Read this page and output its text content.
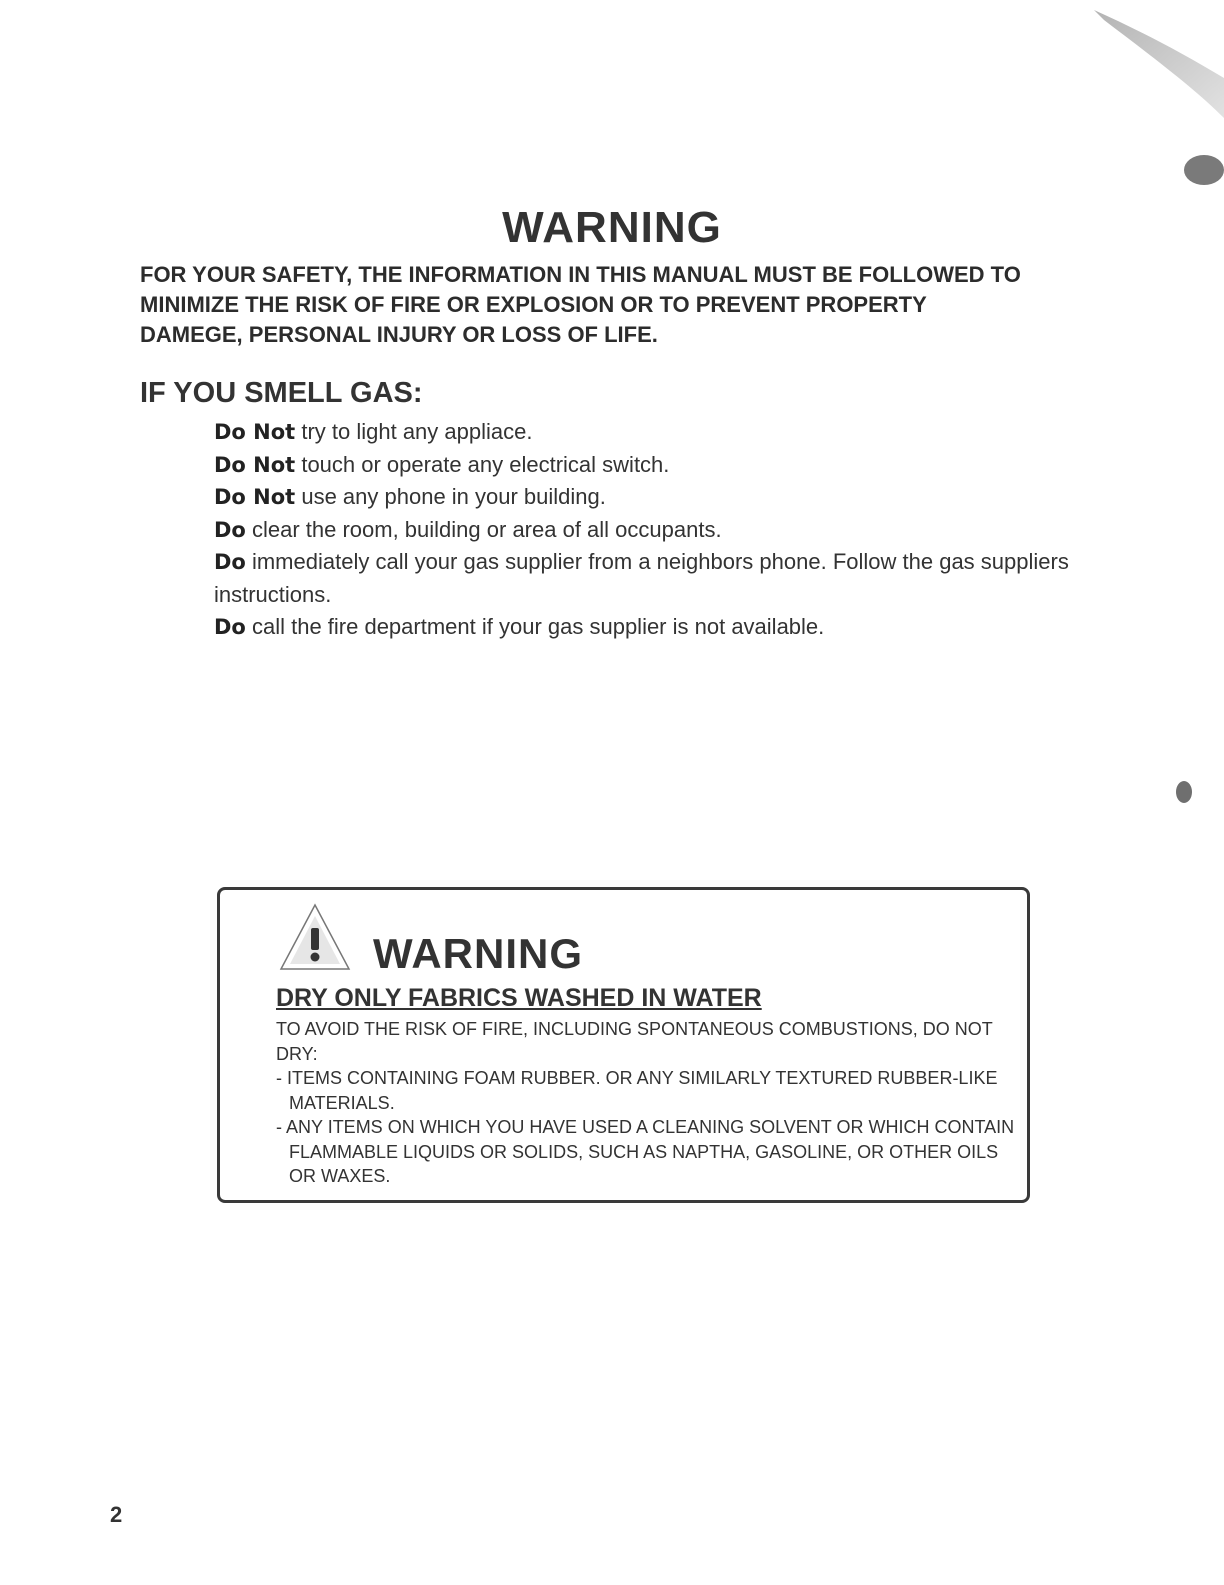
WARNING
FOR YOUR SAFETY, THE INFORMATION IN THIS MANUAL MUST BE FOLLOWED TO
MINIMIZE THE RISK OF FIRE OR EXPLOSION OR TO PREVENT PROPERTY
DAMEGE, PERSONAL INJURY OR LOSS OF LIFE.
IF YOU SMELL GAS:
Do Not try to light any appliace.
Do Not touch or operate any electrical switch.
Do Not use any phone in your building.
Do clear the room, building or area of all occupants.
Do immediately call your gas supplier from a neighbors phone. Follow the gas suppliers instructions.
Do call the fire department if your gas supplier is not available.
WARNING
DRY ONLY FABRICS WASHED IN WATER

TO AVOID THE RISK OF FIRE, INCLUDING SPONTANEOUS COMBUSTIONS, DO NOT DRY:

- ITEMS CONTAINING FOAM RUBBER. OR ANY SIMILARLY TEXTURED RUBBER-LIKE MATERIALS.

- ANY ITEMS ON WHICH YOU HAVE USED A CLEANING SOLVENT OR WHICH CONTAIN FLAMMABLE LIQUIDS OR SOLIDS, SUCH AS NAPTHA, GASOLINE, OR OTHER OILS OR WAXES.

2
